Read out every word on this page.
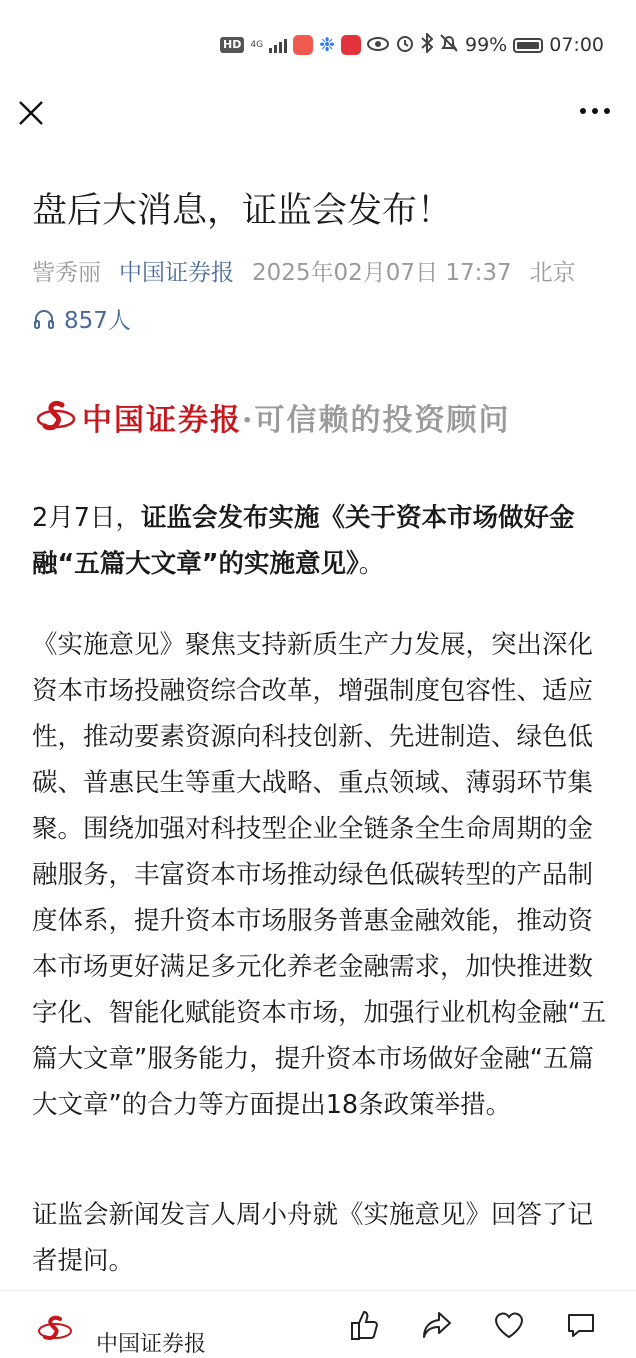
HD	4G	❉	99% 07:00
盘后大消息，证监会发布！
訾秀丽 中国证券报 2025年02月07日 17:37 北京
857人
中国证券报·可信赖的投资顾问

2月7日，证监会发布实施《关于资本市场做好金融“五篇大文章”的实施意见》。

《实施意见》聚焦支持新质生产力发展，突出深化资本市场投融资综合改革，增强制度包容性、适应性，推动要素资源向科技创新、先进制造、绿色低碳、普惠民生等重大战略、重点领域、薄弱环节集聚。围绕加强对科技型企业全链条全生命周期的金融服务，丰富资本市场推动绿色低碳转型的产品制度体系，提升资本市场服务普惠金融效能，推动资本市场更好满足多元化养老金融需求，加快推进数字化、智能化赋能资本市场，加强行业机构金融“五篇大文章”服务能力，提升资本市场做好金融“五篇大文章”的合力等方面提出18条政策举措。

证监会新闻发言人周小舟就《实施意见》回答了记者提问。

中国证券报
